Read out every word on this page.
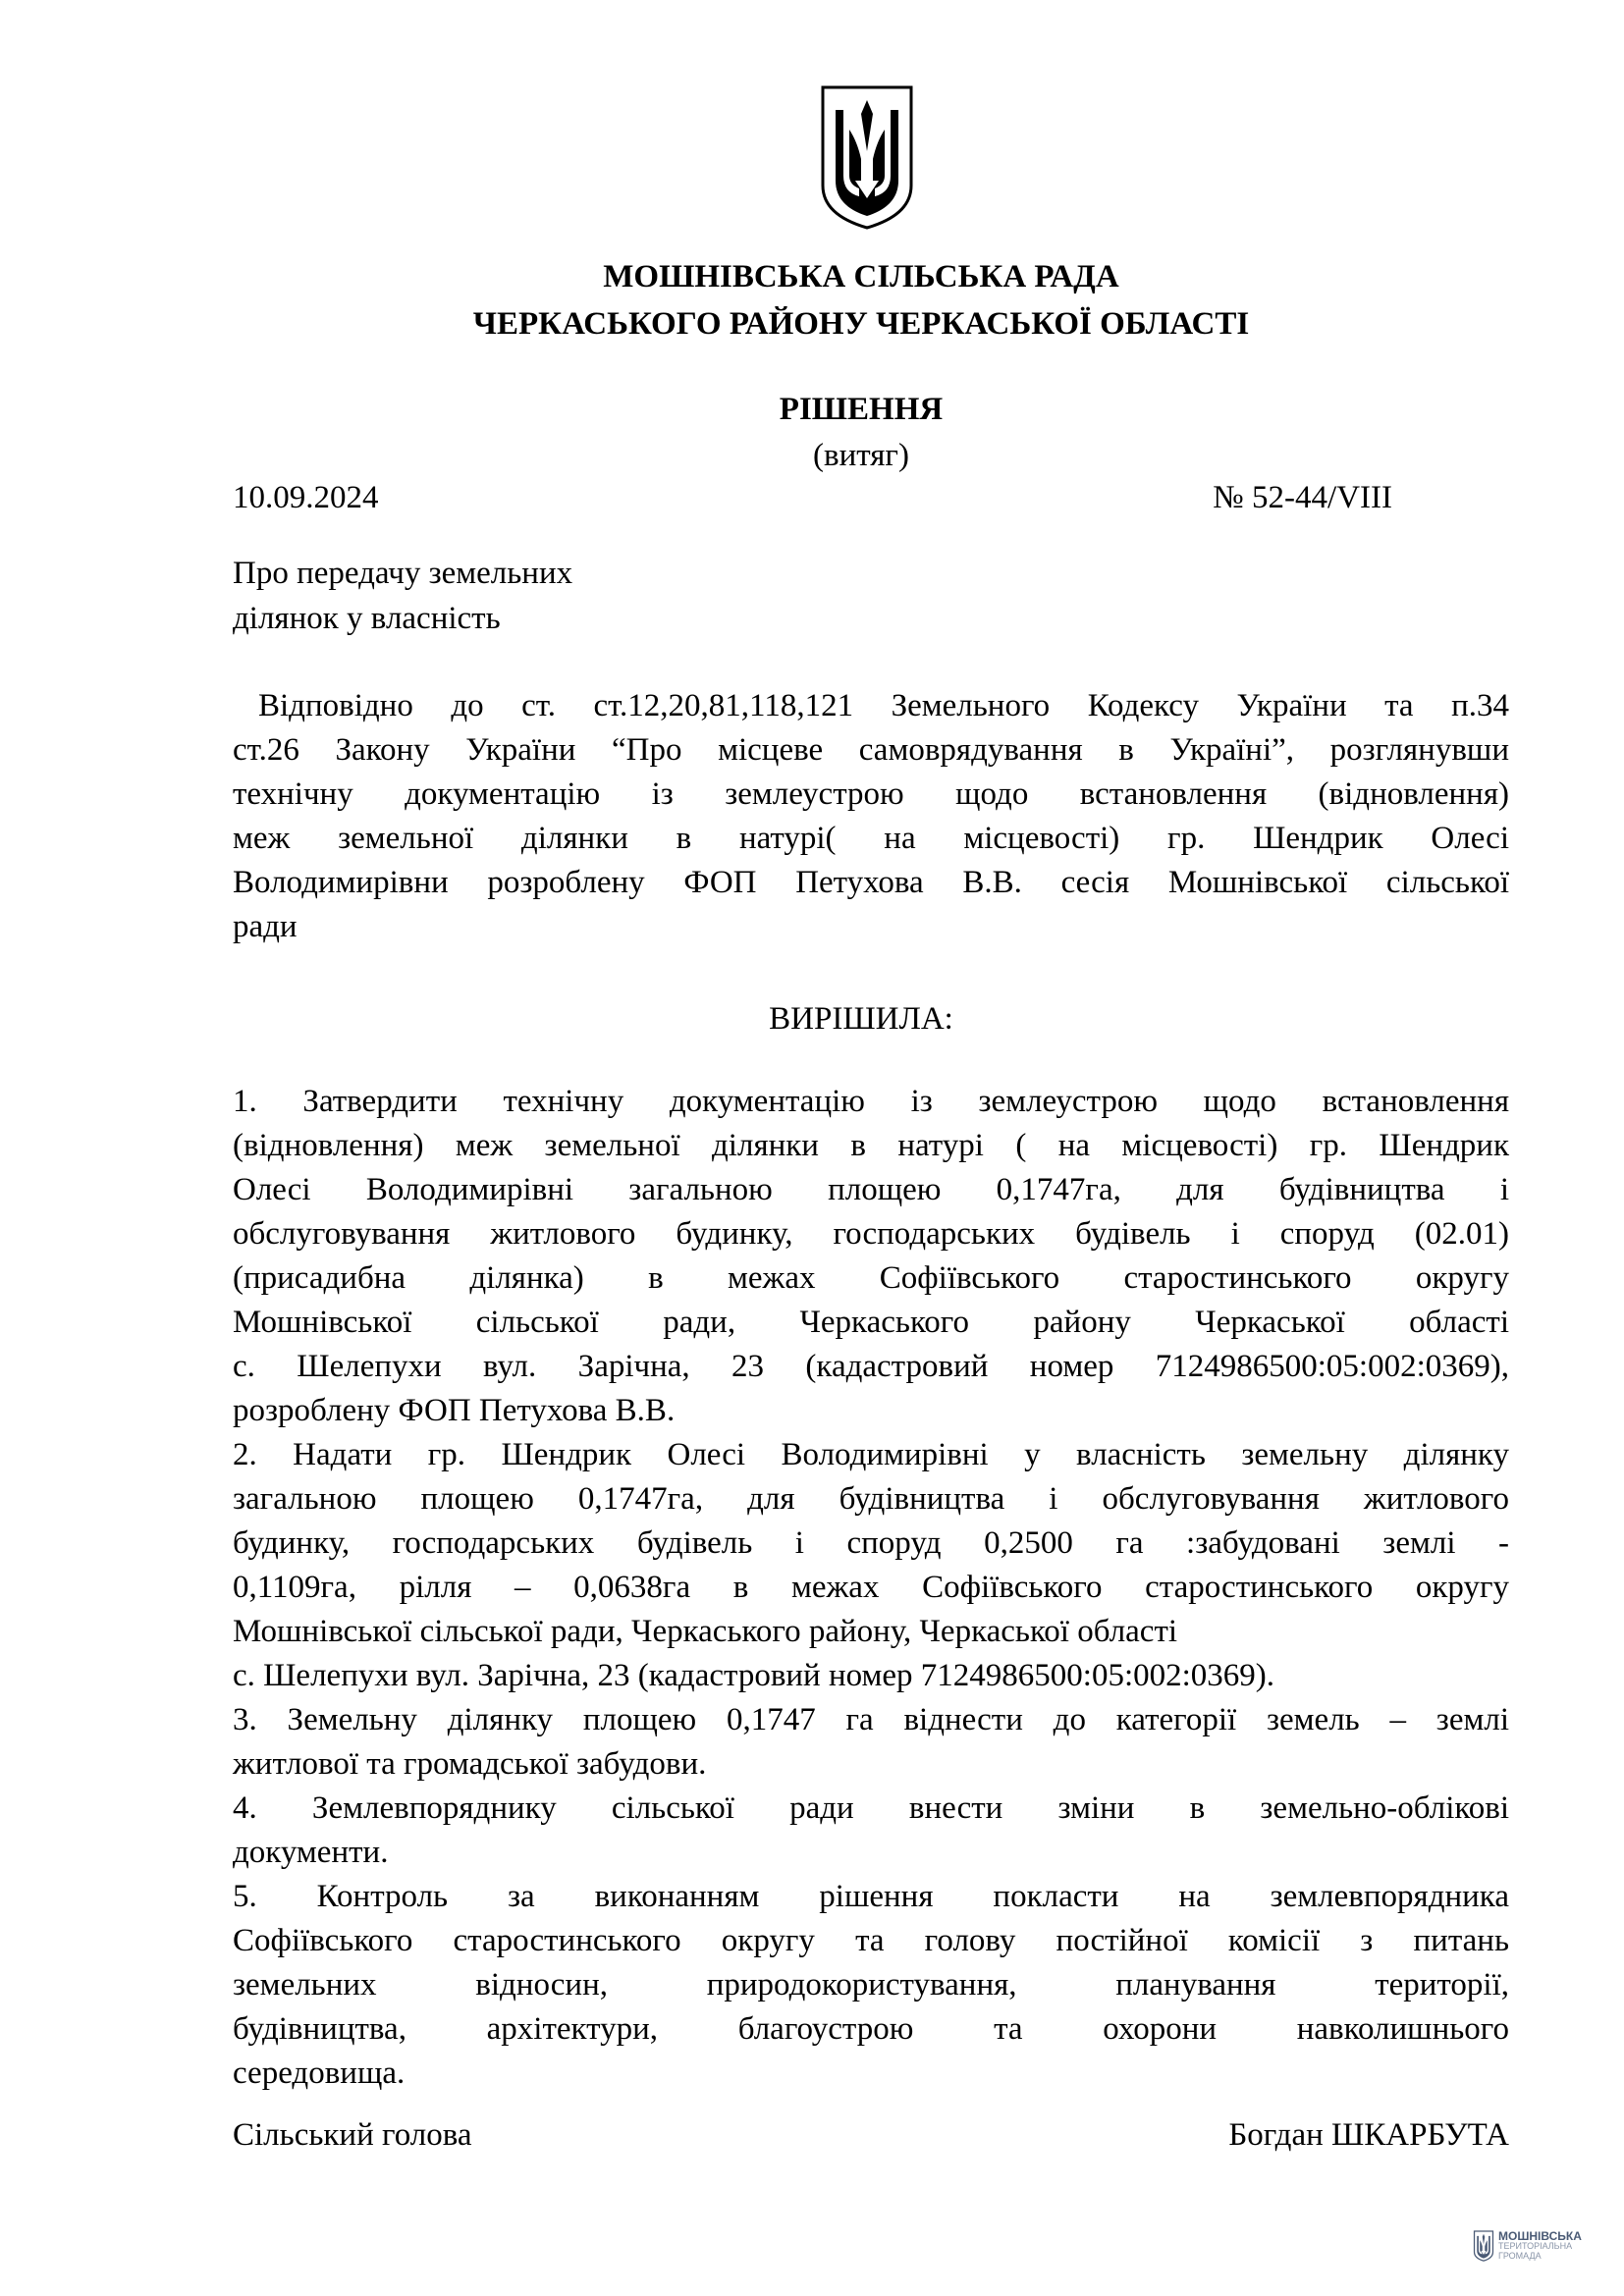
МОШНІВСЬКА СІЛЬСЬКА РАДА
ЧЕРКАСЬКОГО РАЙОНУ ЧЕРКАСЬКОЇ ОБЛАСТІ
РІШЕННЯ
(витяг)
10.09.2024	№ 52-44/VIII
Про передачу земельних
ділянок у власність
Відповідно до ст. ст.12,20,81,118,121 Земельного Кодексу України та п.34
ст.26 Закону України “Про місцеве самоврядування в Україні”, розглянувши
технічну документацію із землеустрою щодо встановлення (відновлення)
меж земельної ділянки в натурі( на місцевості) гр. Шендрик Олесі
Володимирівни розроблену ФОП Петухова В.В. сесія Мошнівської сільської
ради
ВИРІШИЛА:
1. Затвердити технічну документацію із землеустрою щодо встановлення
(відновлення) меж земельної ділянки в натурі ( на місцевості) гр. Шендрик
Олесі Володимирівні загальною площею 0,1747га, для будівництва і
обслуговування житлового будинку, господарських будівель і споруд (02.01)
(присадибна ділянка) в межах Софіївського старостинського округу
Мошнівської сільської ради, Черкаського району Черкаської області
с. Шелепухи вул. Зарічна, 23 (кадастровий номер 7124986500:05:002:0369),
розроблену ФОП Петухова В.В.
2. Надати гр. Шендрик Олесі Володимирівні у власність земельну ділянку
загальною площею 0,1747га, для будівництва і обслуговування житлового
будинку, господарських будівель і споруд 0,2500 га :забудовані землі -
0,1109га, рілля – 0,0638га в межах Софіївського старостинського округу
Мошнівської сільської ради, Черкаського району, Черкаської області
с. Шелепухи вул. Зарічна, 23 (кадастровий номер 7124986500:05:002:0369).
3. Земельну ділянку площею 0,1747 га віднести до категорії земель – землі
житлової та громадської забудови.
4. Землевпоряднику сільської ради внести зміни в земельно-облікові
документи.
5. Контроль за виконанням рішення покласти на землевпорядника
Софіївського старостинського округу та голову постійної комісії з питань
земельних відносин, природокористування, планування території,
будівництва, архітектури, благоустрою та охорони навколишнього
середовища.
Сільський голова	Богдан ШКАРБУТА
МОШНІВСЬКА
ТЕРИТОРІАЛЬНА
ГРОМАДА
